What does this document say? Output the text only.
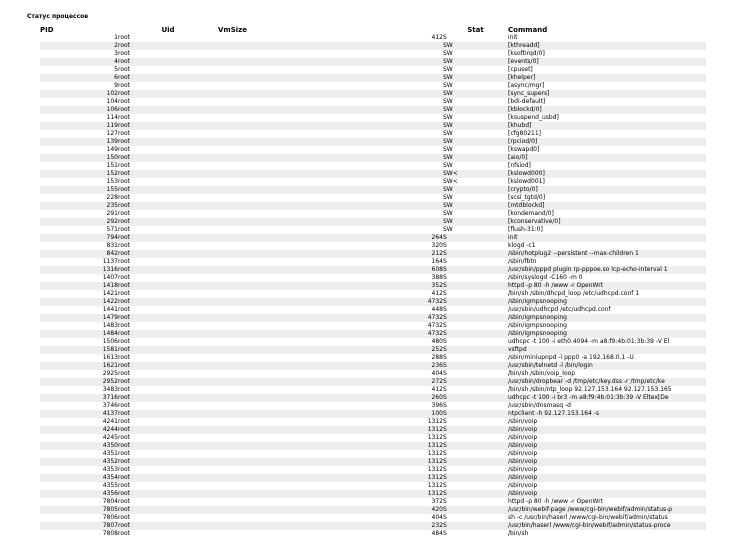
Статус процессов
PID	Uid	VmSize	Stat	Command
1	root	412	S	init
2	root		SW	[kthreadd]
3	root		SW	[ksoftirqd/0]
4	root		SW	[events/0]
5	root		SW	[cpuset]
6	root		SW	[khelper]
9	root		SW	[async/mgr]
102	root		SW	[sync_supers]
104	root		SW	[bdi-default]
106	root		SW	[kblockd/0]
114	root		SW	[ksuspend_usbd]
119	root		SW	[khubd]
127	root		SW	[cfg80211]
139	root		SW	[rpciod/0]
149	root		SW	[kswapd0]
150	root		SW	[aio/0]
151	root		SW	[nfsiod]
152	root		SW<	[kslowd000]
153	root		SW<	[kslowd001]
155	root		SW	[crypto/0]
228	root		SW	[scsi_tgtd/0]
235	root		SW	[mtdblockd]
291	root		SW	[kondemand/0]
292	root		SW	[kconservative/0]
571	root		SW	[flush-31:0]
794	root	264	S	init
831	root	320	S	klogd -c1
842	root	212	S	/sbin/hotplug2 --persistent --max-children 1
1137	root	164	S	/sbin/fbtn
1316	root	608	S	/usr/sbin/pppd plugin rp-pppoe.so lcp-echo-interval 1
1407	root	388	S	/sbin/syslogd -C160 -m 0
1418	root	352	S	httpd -p 80 -h /www -r OpenWrt
1421	root	412	S	/bin/sh /sbin/dhcpd_loop /etc/udhcpd.conf 1
1422	root	4732	S	/sbin/igmpsnooping
1441	root	448	S	/usr/sbin/udhcpd /etc/udhcpd.conf
1479	root	4732	S	/sbin/igmpsnooping
1483	root	4732	S	/sbin/igmpsnooping
1484	root	4732	S	/sbin/igmpsnooping
1506	root	480	S	udhcpc -t 100 -i eth0.4094 -m a8:f9:4b:01:3b:39 -V El
1581	root	252	S	vsftpd
1613	root	288	S	/sbin/miniupnpd -i ppp0 -a 192.168.0.1 -U
1621	root	236	S	/usr/sbin/telnetd -l /bin/login
2925	root	404	S	/bin/sh /sbin/voip_loop
2952	root	272	S	/usr/sbin/dropbear -d /tmp/etc/key.dss -r /tmp/etc/ke
3483	root	412	S	/bin/sh /sbin/ntp_loop 92.127.153.164 92.127.153.165
3716	root	260	S	udhcpc -t 100 -i br3 -m a8:f9:4b:01:3b:39 -V Eltex[De
3746	root	396	S	/usr/sbin/dnsmasq -d
4137	root	100	S	ntpclient -h 92.127.153.164 -s
4241	root	1312	S	/sbin/voip
4244	root	1312	S	/sbin/voip
4245	root	1312	S	/sbin/voip
4350	root	1312	S	/sbin/voip
4351	root	1312	S	/sbin/voip
4352	root	1312	S	/sbin/voip
4353	root	1312	S	/sbin/voip
4354	root	1312	S	/sbin/voip
4355	root	1312	S	/sbin/voip
4356	root	1312	S	/sbin/voip
7804	root	372	S	httpd -p 80 -h /www -r OpenWrt
7805	root	420	S	/usr/bin/webif-page /www/cgi-bin/webif/admin/status-p
7806	root	404	S	sh -c /usr/bin/haserl /www/cgi-bin/webif/admin/status
7807	root	232	S	/usr/bin/haserl /www/cgi-bin/webif/admin/status-proce
7808	root	484	S	/bin/sh
